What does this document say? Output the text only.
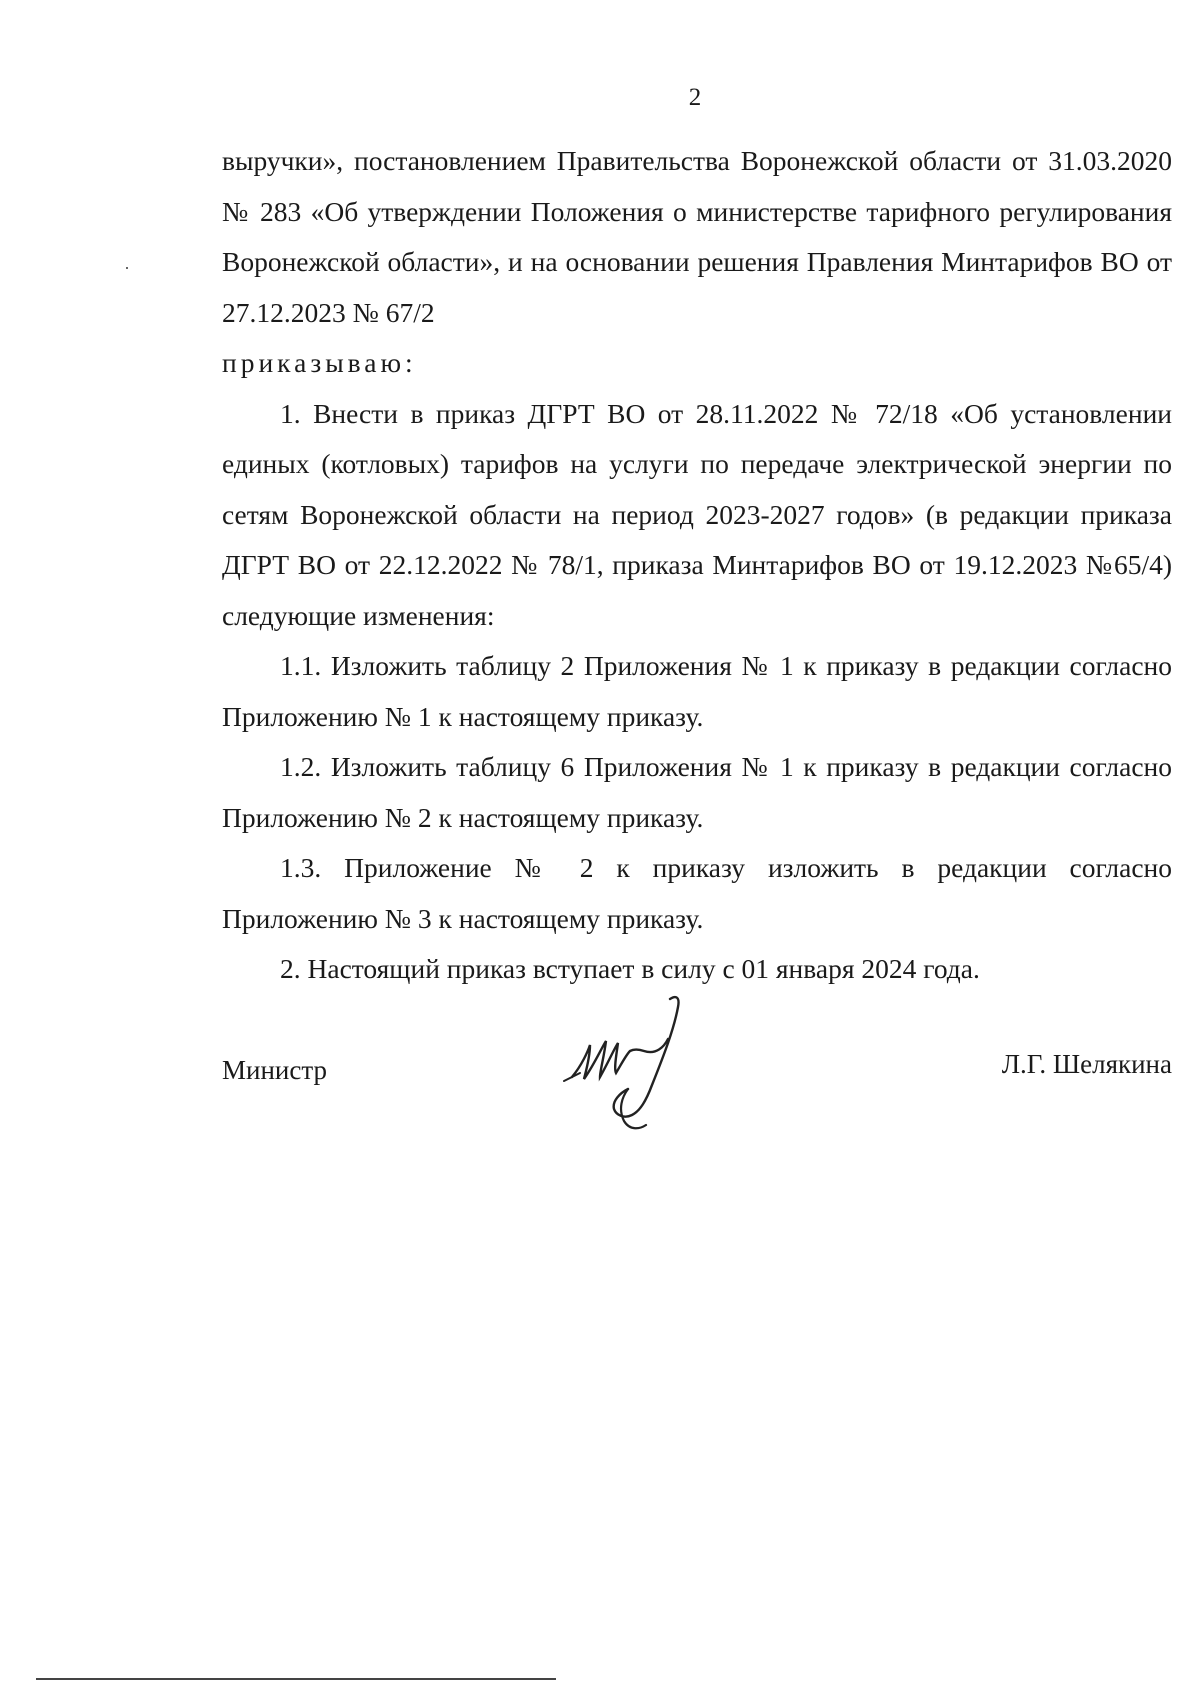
2

выручки», постановлением Правительства Воронежской области от 31.03.2020 № 283 «Об утверждении Положения о министерстве тарифного регулирования Воронежской области», и на основании решения Правления Минтарифов ВО от 27.12.2023 № 67/2

приказываю:

1. Внести в приказ ДГРТ ВО от 28.11.2022 № 72/18 «Об установлении единых (котловых) тарифов на услуги по передаче электрической энергии по сетям Воронежской области на период 2023-2027 годов» (в редакции приказа ДГРТ ВО от 22.12.2022 № 78/1, приказа Минтарифов ВО от 19.12.2023 №65/4) следующие изменения:

1.1. Изложить таблицу 2 Приложения № 1 к приказу в редакции согласно Приложению № 1 к настоящему приказу.

1.2. Изложить таблицу 6 Приложения № 1 к приказу в редакции согласно Приложению № 2 к настоящему приказу.

1.3. Приложение № 2 к приказу изложить в редакции согласно Приложению № 3 к настоящему приказу.

2. Настоящий приказ вступает в силу с 01 января 2024 года.

Министр	Л.Г. Шелякина
